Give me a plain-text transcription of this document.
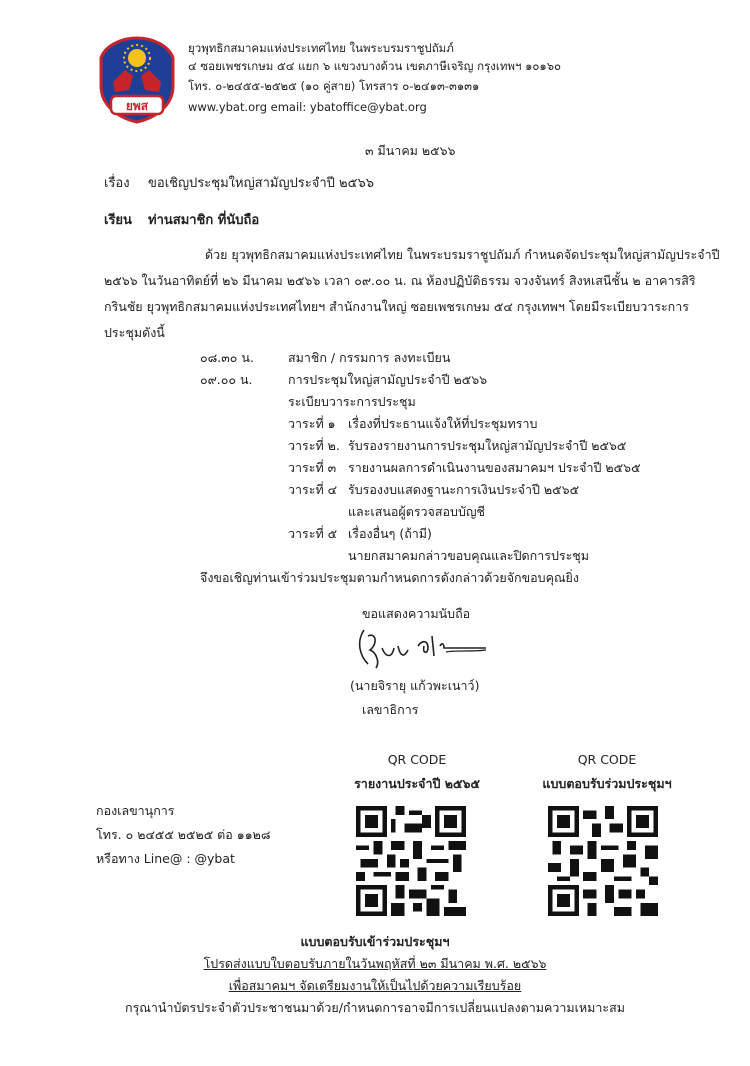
ยพส
ยุวพุทธิกสมาคมแห่งประเทศไทย ในพระบรมราชูปถัมภ์
๔ ซอยเพชรเกษม ๕๔ แยก ๖ แขวงบางด้วน เขตภาษีเจริญ กรุงเทพฯ ๑๐๑๖๐
โทร. ๐-๒๔๕๕-๒๕๒๕ (๑๐ คู่สาย) โทรสาร ๐-๒๔๑๓-๓๑๓๑
www.ybat.org email: ybatoffice@ybat.org
๓ มีนาคม ๒๕๖๖
เรื่อง ขอเชิญประชุมใหญ่สามัญประจำปี ๒๕๖๖
เรียน ท่านสมาชิก ที่นับถือ
ด้วย ยุวพุทธิกสมาคมแห่งประเทศไทย ในพระบรมราชูปถัมภ์ กำหนดจัดประชุมใหญ่สามัญประจำปี
๒๕๖๖ ในวันอาทิตย์ที่ ๒๖ มีนาคม ๒๕๖๖ เวลา ๐๙.๐๐ น. ณ ห้องปฏิบัติธรรม จวงจันทร์ สิงหเสนีชั้น ๒ อาคารสิริ
กรินชัย ยุวพุทธิกสมาคมแห่งประเทศไทยฯ สำนักงานใหญ่ ซอยเพชรเกษม ๕๔ กรุงเทพฯ โดยมีระเบียบวาระการ
ประชุมดังนี้
๐๘.๓๐ น.	สมาชิก / กรรมการ ลงทะเบียน
๐๙.๐๐ น.	การประชุมใหญ่สามัญประจำปี ๒๕๖๖
ระเบียบวาระการประชุม
วาระที่ ๑ เรื่องที่ประธานแจ้งให้ที่ประชุมทราบ
วาระที่ ๒. รับรองรายงานการประชุมใหญ่สามัญประจำปี ๒๕๖๕
วาระที่ ๓ รายงานผลการดำเนินงานของสมาคมฯ ประจำปี ๒๕๖๕
วาระที่ ๔ รับรองงบแสดงฐานะการเงินประจำปี ๒๕๖๕
และเสนอผู้ตรวจสอบบัญชี
วาระที่ ๕ เรื่องอื่นๆ (ถ้ามี)
นายกสมาคมกล่าวขอบคุณและปิดการประชุม
จึงขอเชิญท่านเข้าร่วมประชุมตามกำหนดการดังกล่าวด้วยจักขอบคุณยิ่ง
ขอแสดงความนับถือ
(นายจิรายุ แก้วพะเนาว์)
เลขาธิการ
QR CODE
รายงานประจำปี ๒๕๖๕
QR CODE
แบบตอบรับร่วมประชุมฯ
กองเลขานุการ
โทร. ๐ ๒๔๕๕ ๒๕๒๕ ต่อ ๑๑๒๘
หรือทาง Line@ : @ybat
แบบตอบรับเข้าร่วมประชุมฯ
โปรดส่งแบบใบตอบรับภายในวันพฤหัสที่ ๒๓ มีนาคม พ.ศ. ๒๕๖๖
เพื่อสมาคมฯ จัดเตรียมงานให้เป็นไปด้วยความเรียบร้อย
กรุณานำบัตรประจำตัวประชาชนมาด้วย/กำหนดการอาจมีการเปลี่ยนแปลงตามความเหมาะสม
